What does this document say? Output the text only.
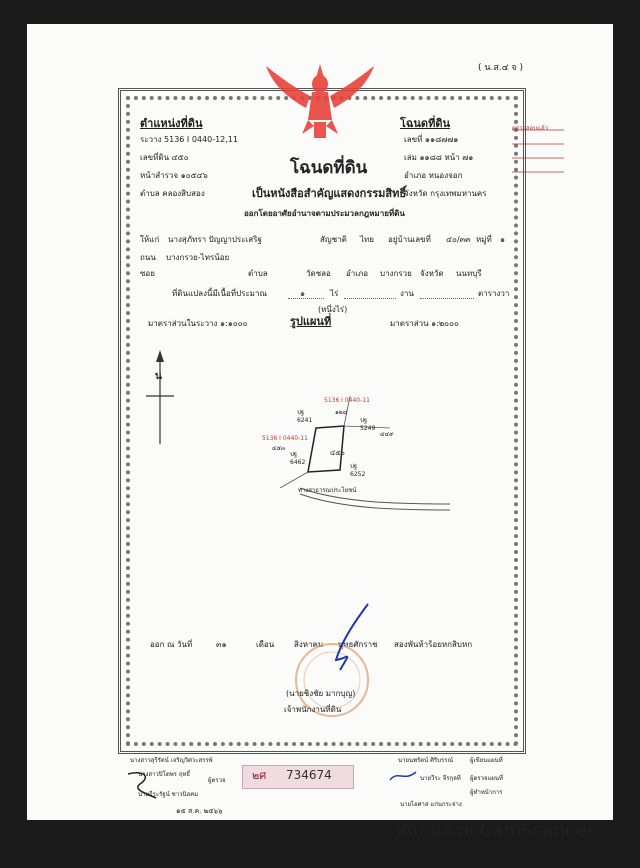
( น.ส.๔ จ )
ตำแหน่งที่ดิน	โฉนดที่ดิน
ระวาง 5136 I 0440-12,11
เลขที่ดิน ๔๕๐
หน้าสำรวจ ๑๐๕๔๖
ตำบล คลองสิบสอง
เลขที่ ๑๑๘๗๗๑
เล่ม ๑๑๘๘ หน้า ๗๑
อำเภอ หนองจอก
จังหวัด กรุงเทพมหานคร
โฉนดที่ดิน
เป็นหนังสือสำคัญแสดงกรรมสิทธิ์
ออกโดยอาศัยอำนาจตามประมวลกฎหมายที่ดิน
ให้แก่ นางสุภัทรา ปัญญาประเสริฐ	สัญชาติ ไทย อยู่บ้านเลขที่ ๔๐/๓๓ หมู่ที่ ๑
ถนน บางกรวย-ไทรน้อย
ซอย	ตำบล	วัดชลอ อำเภอ บางกรวย จังหวัด นนทบุรี
ที่ดินแปลงนี้มีเนื้อที่ประมาณ	๑	ไร่	งาน	ตารางวา
(หนึ่งไร่)
มาตราส่วนในระวาง ๑:๑๐๐๐	รูปแผนที่	มาตราส่วน ๑:๒๐๐๐
น
5136 I 0440-11
5136 I 0440-11
๑๒๘
๔๕๓
๔๔๙
๔๕๐
6241
5249
6462
6252
ปฐ
ปฐ
ปฐ
ปฐ
ทางสาธารณประโยชน์
ออก ณ วันที่	๓๑	เดือน สิงหาคม พุทธศักราช สองพันห้าร้อยหกสิบหก
(นายชิงชัย มากบุญ)
เจ้าพนักงานที่ดิน
นางสาวสุรีรัตน์ เจริญวิศวะสรรพ์
นางสาวปิโตพร ฤทธิ์
ผู้ตรวจ
นายธีระรัฐน์ ชาวนิลคม
๑๕ ส.ค. ๒๕๖๖
๒ศ 734674
นายนพรัตน์ ศิริบรรณ์	ผู้เขียนแผนที่
นายวีระ จีรกุลที ผู้ตรวจแผนที่
นายไอศาส แก่นกระจ่าง
ผู้ทำหน้าการ
ตรวจสอบแล้ว
สแกนด้วย CamScanner
